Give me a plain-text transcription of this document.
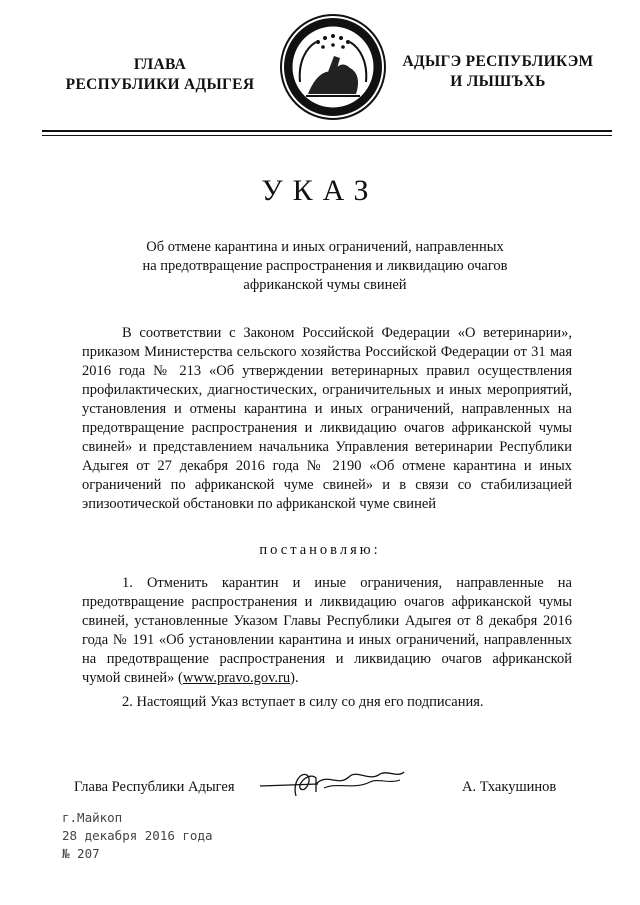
ГЛАВА
РЕСПУБЛИКИ АДЫГЕЯ
АДЫГЭ РЕСПУБЛИКЭМ
И ЛЫШЪХЬ
УКАЗ
Об отмене карантина и иных ограничений, направленных
на предотвращение распространения и ликвидацию очагов
африканской чумы свиней
В соответствии с Законом Российской Федерации «О ветеринарии», приказом Министерства сельского хозяйства Российской Федерации от 31 мая 2016 года № 213 «Об утверждении ветеринарных правил осуществления профилактических, диагностических, ограничительных и иных мероприятий, установления и отмены карантина и иных ограничений, направленных на предотвращение распространения и ликвидацию очагов африканской чумы свиней» и представлением начальника Управления ветеринарии Республики Адыгея от 27 декабря 2016 года № 2190 «Об отмене карантина и иных ограничений по африканской чуме свиней» и в связи со стабилизацией эпизоотической обстановки по африканской чуме свиней
постановляю:
1. Отменить карантин и иные ограничения, направленные на предотвращение распространения и ликвидацию очагов африканской чумы свиней, установленные Указом Главы Республики Адыгея от 8 декабря 2016 года № 191 «Об установлении карантина и иных ограничений, направленных на предотвращение распространения и ликвидацию очагов африканской чумой свиней» (www.pravo.gov.ru).
2. Настоящий Указ вступает в силу со дня его подписания.
Глава Республики Адыгея	А. Тхакушинов
г.Майкоп
28 декабря 2016 года
№ 207
